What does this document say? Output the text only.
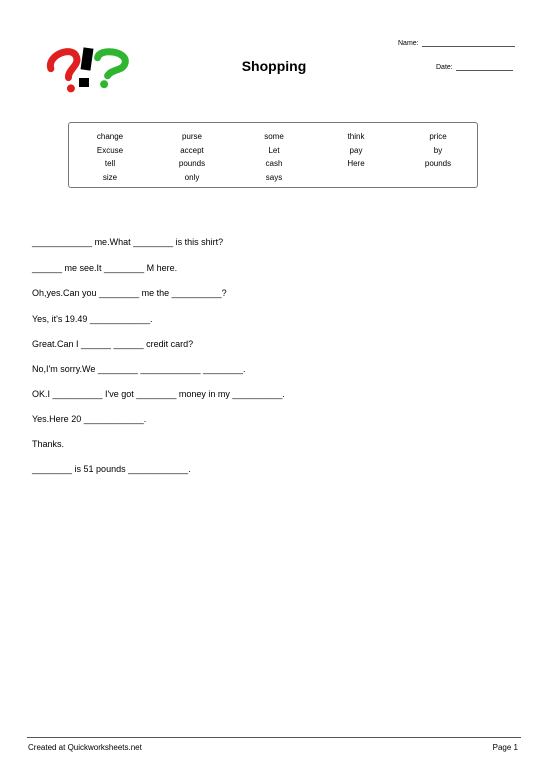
Name:
Date:
Shopping
change	purse	some	think	price
Excuse	accept	Let	pay	by
tell	pounds	cash	Here	pounds
size	only	says
____________ me.What ________ is this shirt?
______ me see.It ________ M here.
Oh,yes.Can you ________ me the __________?
Yes, it's 19.49 ____________.
Great.Can I ______ ______ credit card?
No,I'm sorry.We ________ ____________ ________.
OK.I __________ I've got ________ money in my __________.
Yes.Here 20 ____________.
Thanks.
________ is 51 pounds ____________.
Created at Quickworksheets.net	Page 1
